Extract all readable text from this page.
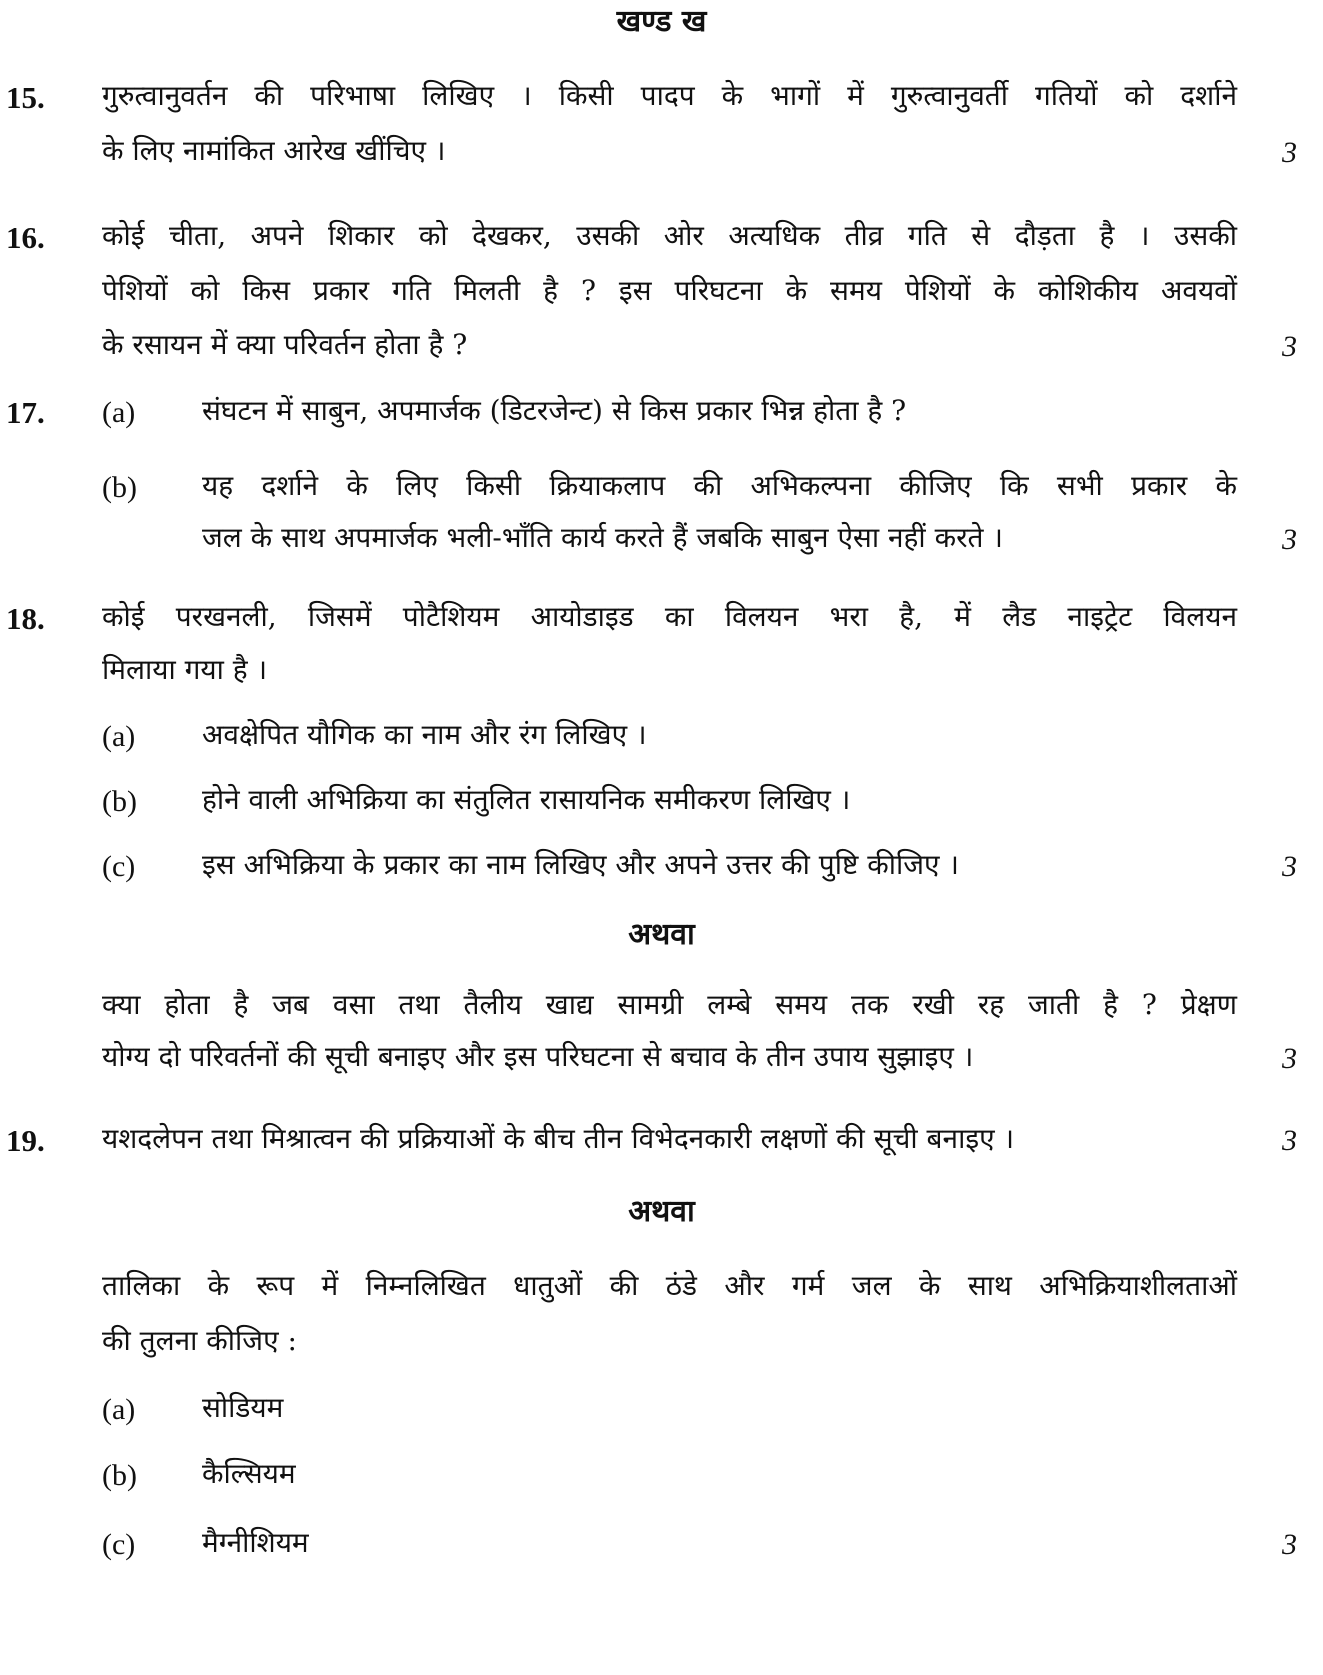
खण्ड ख
15.	गुरुत्वानुवर्तन की परिभाषा लिखिए । किसी पादप के भागों में गुरुत्वानुवर्ती गतियों को दर्शाने
के लिए नामांकित आरेख खींचिए ।	3
16.	कोई चीता, अपने शिकार को देखकर, उसकी ओर अत्यधिक तीव्र गति से दौड़ता है । उसकी
पेशियों को किस प्रकार गति मिलती है ? इस परिघटना के समय पेशियों के कोशिकीय अवयवों
के रसायन में क्या परिवर्तन होता है ?	3
17.	(a)	संघटन में साबुन, अपमार्जक (डिटरजेन्ट) से किस प्रकार भिन्न होता है ?
(b)	यह दर्शाने के लिए किसी क्रियाकलाप की अभिकल्पना कीजिए कि सभी प्रकार के
जल के साथ अपमार्जक भली-भाँति कार्य करते हैं जबकि साबुन ऐसा नहीं करते ।	3
18.	कोई परखनली, जिसमें पोटैशियम आयोडाइड का विलयन भरा है, में लैड नाइट्रेट विलयन
मिलाया गया है ।
(a)	अवक्षेपित यौगिक का नाम और रंग लिखिए ।
(b)	होने वाली अभिक्रिया का संतुलित रासायनिक समीकरण लिखिए ।
(c)	इस अभिक्रिया के प्रकार का नाम लिखिए और अपने उत्तर की पुष्टि कीजिए ।	3
अथवा
क्या होता है जब वसा तथा तैलीय खाद्य सामग्री लम्बे समय तक रखी रह जाती है ? प्रेक्षण
योग्य दो परिवर्तनों की सूची बनाइए और इस परिघटना से बचाव के तीन उपाय सुझाइए ।	3
19.	यशदलेपन तथा मिश्रात्वन की प्रक्रियाओं के बीच तीन विभेदनकारी लक्षणों की सूची बनाइए ।	3
अथवा
तालिका के रूप में निम्नलिखित धातुओं की ठंडे और गर्म जल के साथ अभिक्रियाशीलताओं
की तुलना कीजिए :
(a)	सोडियम
(b)	कैल्सियम
(c)	मैग्नीशियम	3
